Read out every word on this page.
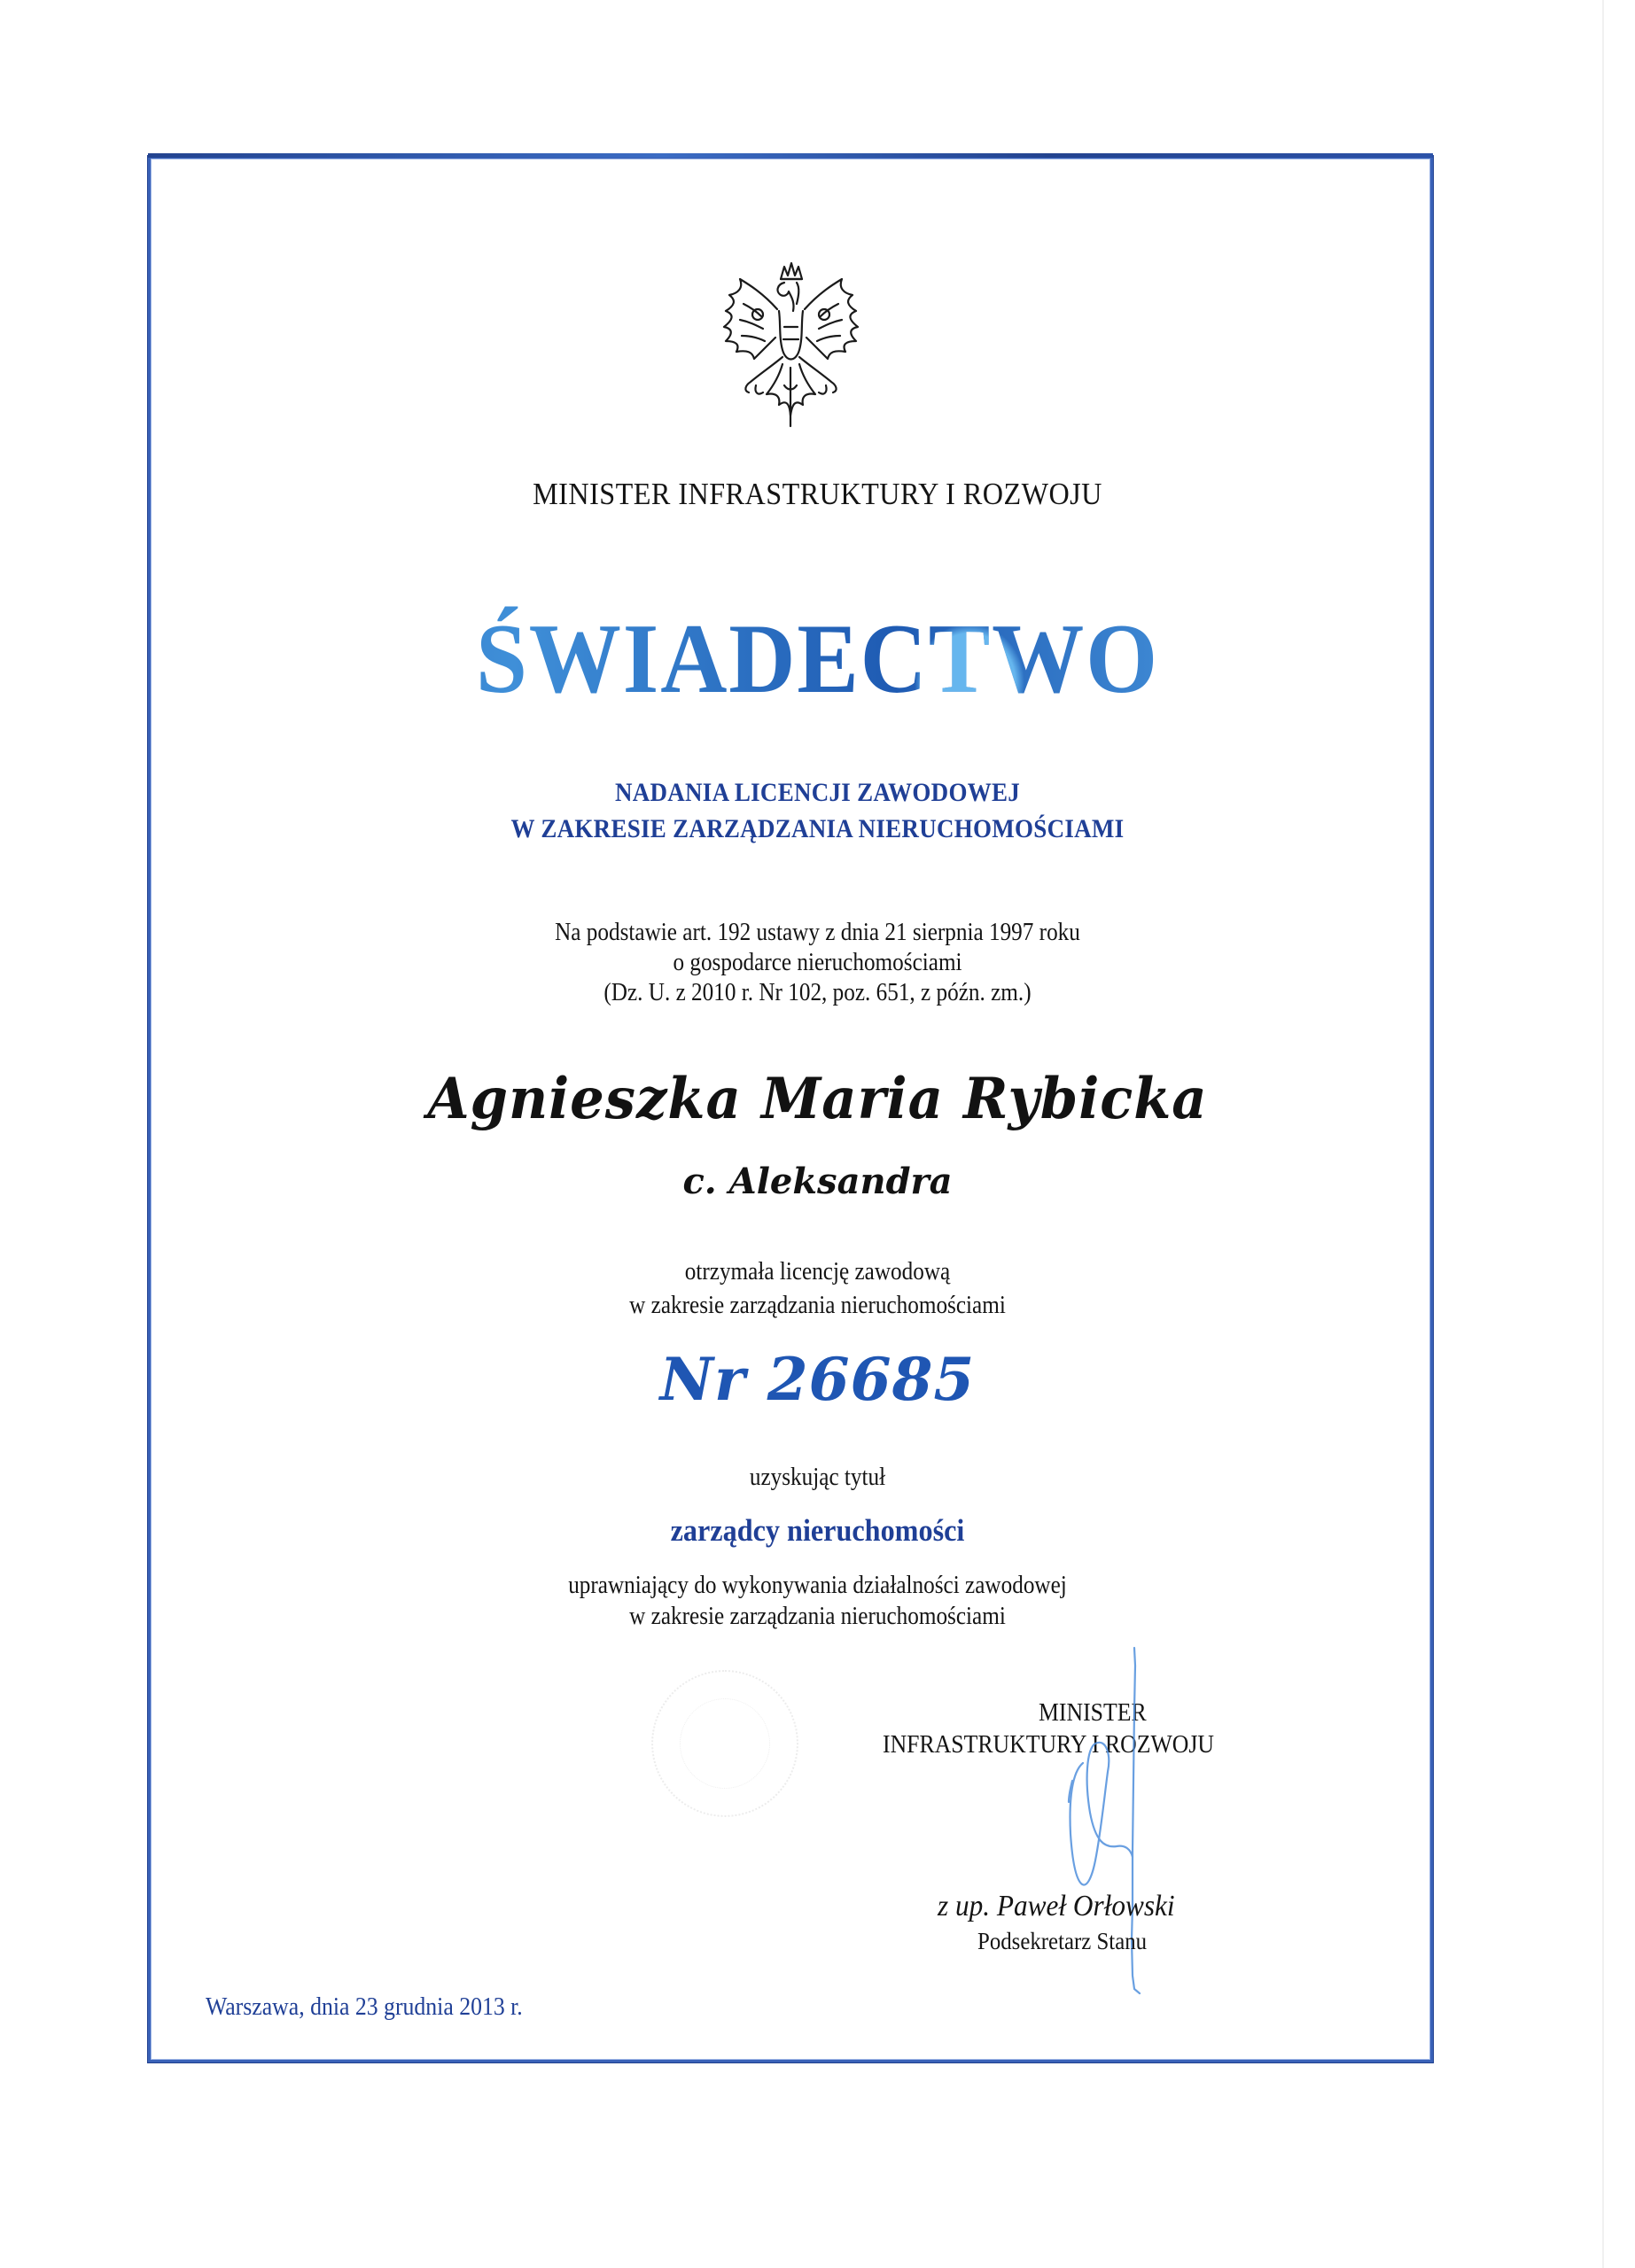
MINISTER INFRASTRUKTURY I ROZWOJU
ŚWIADECTWO
NADANIA LICENCJI ZAWODOWEJ
W ZAKRESIE ZARZĄDZANIA NIERUCHOMOŚCIAMI
Na podstawie art. 192 ustawy z dnia 21 sierpnia 1997 roku
o gospodarce nieruchomościami
(Dz. U. z 2010 r. Nr 102, poz. 651, z późn. zm.)
Agnieszka Maria Rybicka
c. Aleksandra
otrzymała licencję zawodową
w zakresie zarządzania nieruchomościami
Nr 26685
uzyskując tytuł
zarządcy nieruchomości
uprawniający do wykonywania działalności zawodowej
w zakresie zarządzania nieruchomościami
MINISTER
INFRASTRUKTURY I ROZWOJU
z up. Paweł Orłowski
Podsekretarz Stanu
Warszawa, dnia 23 grudnia 2013 r.
